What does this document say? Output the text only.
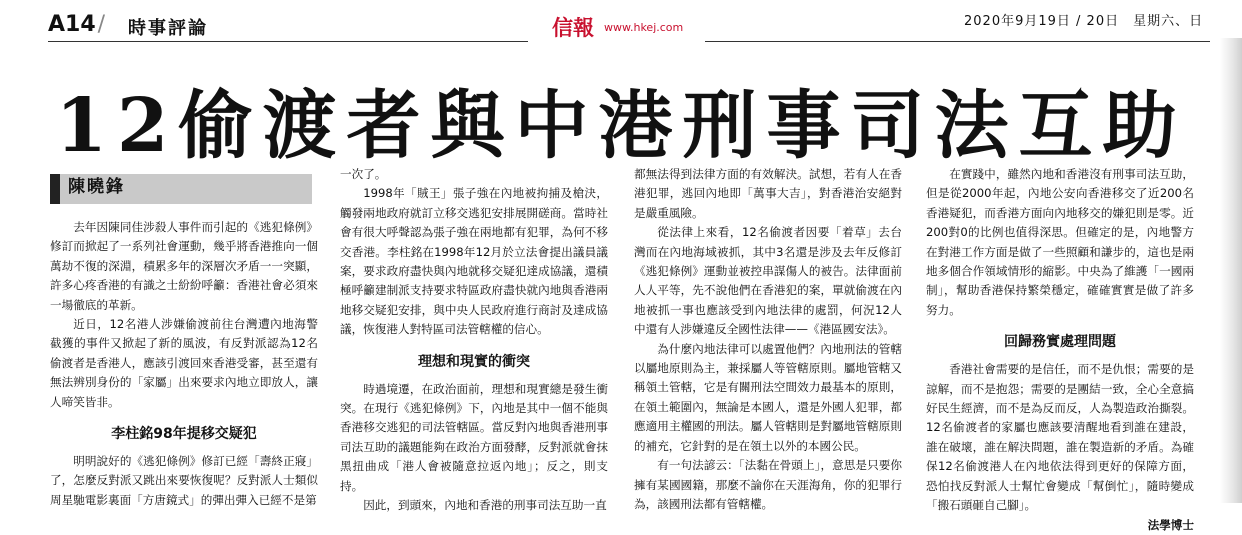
A14/ 時事評論	信報 www.hkej.com	2020年9月19日 / 20日　星期六、日
12偷渡者與中港刑事司法互助
陳曉鋒

去年因陳同佳涉殺人事件而引起的《逃犯條例》修訂而掀起了一系列社會運動，幾乎將香港推向一個萬劫不復的深淵，積累多年的深層次矛盾一一突顯，許多心疼香港的有識之士紛紛呼籲：香港社會必須來一場徹底的革新。

近日，12名港人涉嫌偷渡前往台灣遭內地海警截獲的事件又掀起了新的風波，有反對派認為12名偷渡者是香港人，應該引渡回來香港受審，甚至還有無法辨別身份的「家屬」出來要求內地立即放人，讓人啼笑皆非。

李柱銘98年提移交疑犯

明明說好的《逃犯條例》修訂已經「壽終正寢」了，怎麼反對派又跳出來要恢復呢？反對派人士類似周星馳電影裏面「方唐鏡式」的彈出彈入已經不是第

一次了。

1998年「賊王」張子強在內地被拘捕及槍決，觸發兩地政府就訂立移交逃犯安排展開磋商。當時社會有很大呼聲認為張子強在兩地都有犯罪，為何不移交香港。李柱銘在1998年12月於立法會提出議員議案，要求政府盡快與內地就移交疑犯達成協議，還積極呼籲建制派支持要求特區政府盡快就內地與香港兩地移交疑犯安排，與中央人民政府進行商討及達成協議，恢復港人對特區司法管轄權的信心。

理想和現實的衝突

時過境遷，在政治面前，理想和現實總是發生衝突。在現行《逃犯條例》下，內地是其中一個不能與香港移交逃犯的司法管轄區。當反對內地與香港刑事司法互助的議題能夠在政治方面發酵，反對派就會抹黑扭曲成「港人會被隨意拉返內地」；反之，則支持。

因此，到頭來，內地和香港的刑事司法互助一直

都無法得到法律方面的有效解決。試想，若有人在香港犯罪，逃回內地即「萬事大吉」，對香港治安絕對是嚴重風險。

從法律上來看，12名偷渡者因要「着草」去台灣而在內地海域被抓，其中3名還是涉及去年反修訂《逃犯條例》運動並被控串謀傷人的被告。法律面前人人平等，先不說他們在香港犯的案，單就偷渡在內地被抓一事也應該受到內地法律的處罰，何況12人中還有人涉嫌違反全國性法律——《港區國安法》。

為什麼內地法律可以處置他們？內地刑法的管轄以屬地原則為主，兼採屬人等管轄原則。屬地管轄又稱領土管轄，它是有關刑法空間效力最基本的原則，在領土範圍內，無論是本國人，還是外國人犯罪，都應適用主權國的刑法。屬人管轄則是對屬地管轄原則的補充，它針對的是在領土以外的本國公民。

有一句法諺云：「法黏在骨頭上」，意思是只要你擁有某國國籍，那麼不論你在天涯海角，你的犯罪行為，該國刑法都有管轄權。

在實踐中，雖然內地和香港沒有刑事司法互助，但是從2000年起，內地公安向香港移交了近200名香港疑犯，而香港方面向內地移交的嫌犯則是零。近200對0的比例也值得深思。但確定的是，內地警方在對港工作方面是做了一些照顧和謙步的，這也是兩地多個合作領域情形的縮影。中央為了維護「一國兩制」，幫助香港保持繁榮穩定，確確實實是做了許多努力。

回歸務實處理問題

香港社會需要的是信任，而不是仇恨；需要的是諒解，而不是抱怨；需要的是團結一致，全心全意搞好民生經濟，而不是為反而反，人為製造政治撕裂。12名偷渡者的家屬也應該要清醒地看到誰在建設，誰在破壞，誰在解決問題，誰在製造新的矛盾。為確保12名偷渡港人在內地依法得到更好的保障方面，恐怕找反對派人士幫忙會變成「幫倒忙」，隨時變成「搬石頭砸自己腳」。

法學博士
